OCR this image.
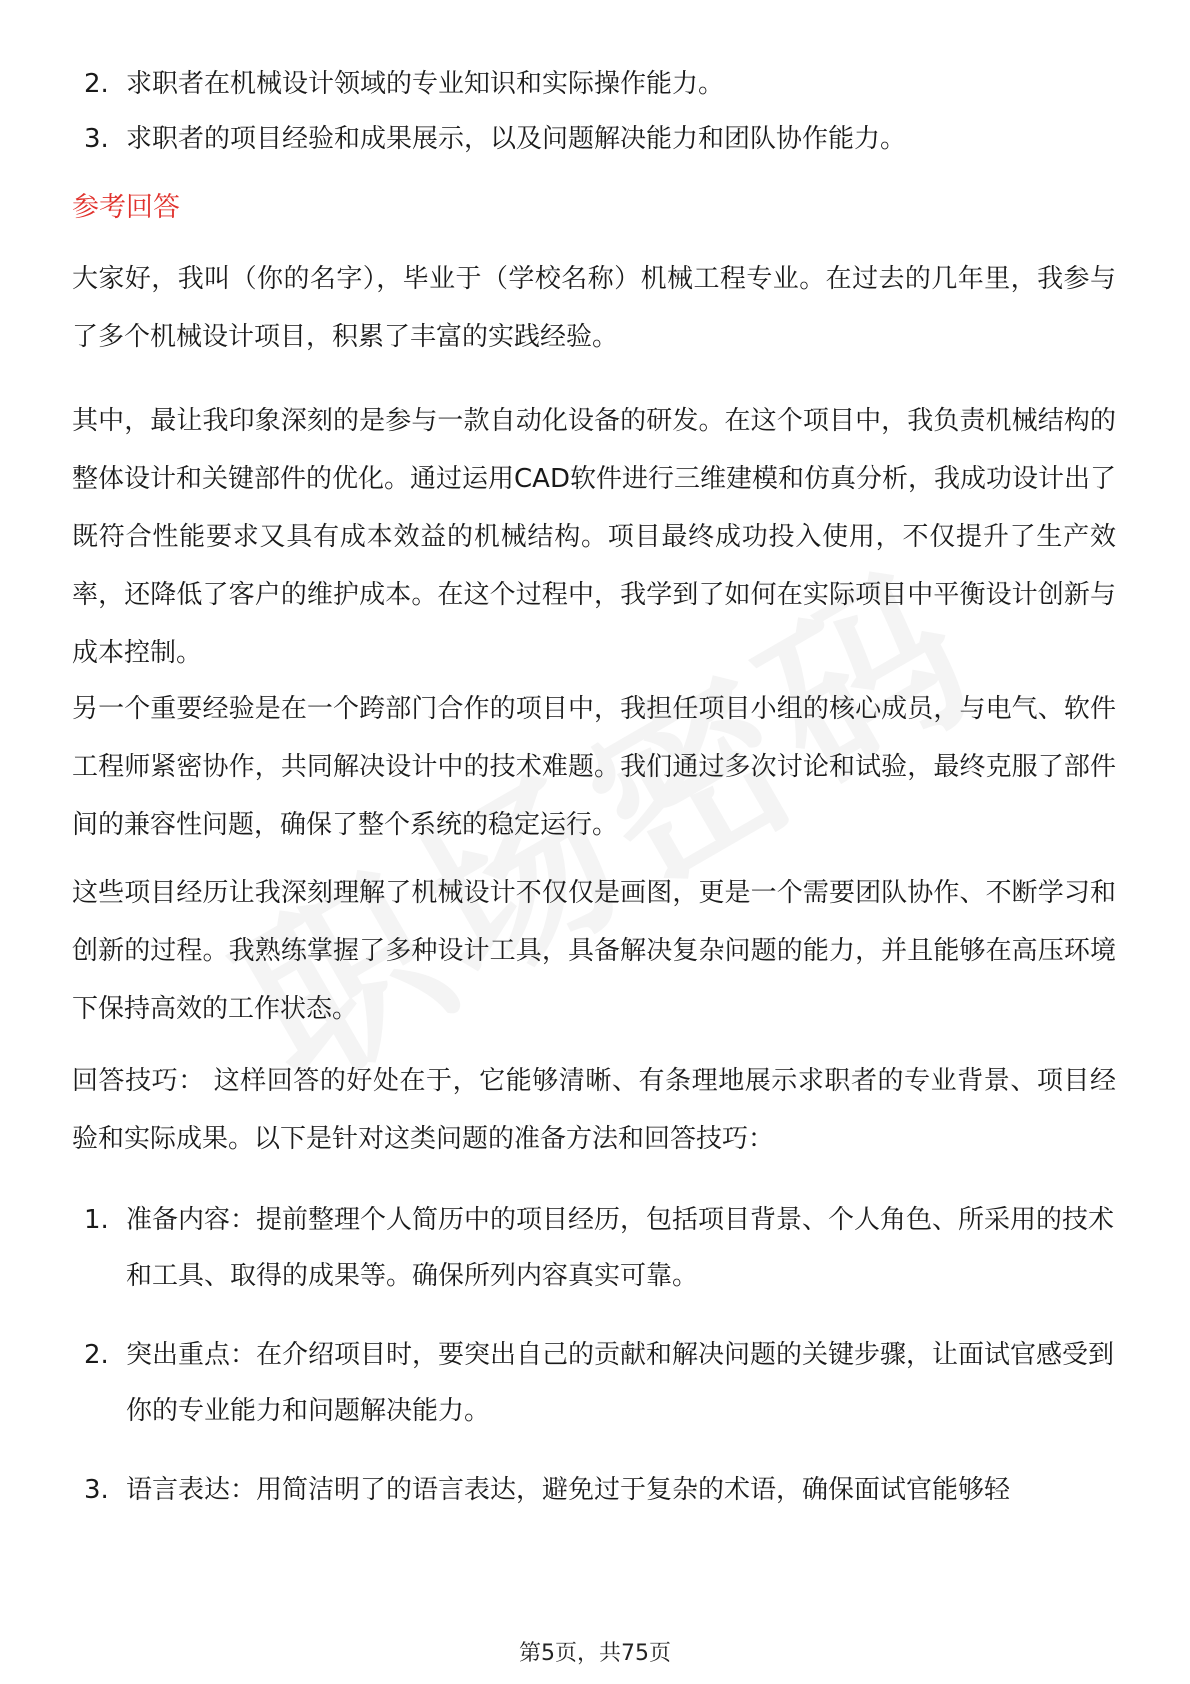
2. 求职者在机械设计领域的专业知识和实际操作能力。
3. 求职者的项目经验和成果展示，以及问题解决能力和团队协作能力。
参考回答
大家好，我叫（你的名字），毕业于（学校名称）机械工程专业。在过去的几年里，我参与了多个机械设计项目，积累了丰富的实践经验。
其中，最让我印象深刻的是参与一款自动化设备的研发。在这个项目中，我负责机械结构的整体设计和关键部件的优化。通过运用CAD软件进行三维建模和仿真分析，我成功设计出了既符合性能要求又具有成本效益的机械结构。项目最终成功投入使用，不仅提升了生产效率，还降低了客户的维护成本。在这个过程中，我学到了如何在实际项目中平衡设计创新与成本控制。
另一个重要经验是在一个跨部门合作的项目中，我担任项目小组的核心成员，与电气、软件工程师紧密协作，共同解决设计中的技术难题。我们通过多次讨论和试验，最终克服了部件间的兼容性问题，确保了整个系统的稳定运行。
这些项目经历让我深刻理解了机械设计不仅仅是画图，更是一个需要团队协作、不断学习和创新的过程。我熟练掌握了多种设计工具，具备解决复杂问题的能力，并且能够在高压环境下保持高效的工作状态。
回答技巧： 这样回答的好处在于，它能够清晰、有条理地展示求职者的专业背景、项目经验和实际成果。以下是针对这类问题的准备方法和回答技巧：
1. 准备内容：提前整理个人简历中的项目经历，包括项目背景、个人角色、所采用的技术和工具、取得的成果等。确保所列内容真实可靠。
2. 突出重点：在介绍项目时，要突出自己的贡献和解决问题的关键步骤，让面试官感受到你的专业能力和问题解决能力。
3. 语言表达：用简洁明了的语言表达，避免过于复杂的术语，确保面试官能够轻
第5页，共75页
